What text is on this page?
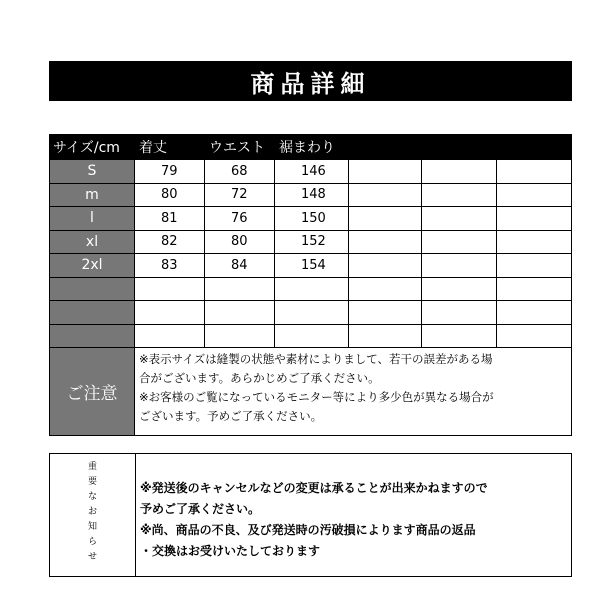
商品詳細
サイズ/cm	着丈	ウエスト	裾まわり
S	79	68	146
m	80	72	148
l	81	76	150
xl	82	80	152
2xl	83	84	154
ご注意
※表示サイズは縫製の状態や素材によりまして、若干の誤差がある場
合がございます。あらかじめご了承ください。
※お客様のご覧になっているモニター等により多少色が異なる場合が
ございます。予めご了承ください。
重
要
な
お
知
ら
せ
※発送後のキャンセルなどの変更は承ることが出来かねますので
予めご了承ください。
※尚、商品の不良、及び発送時の汚破損によります商品の返品
・交換はお受けいたしております
